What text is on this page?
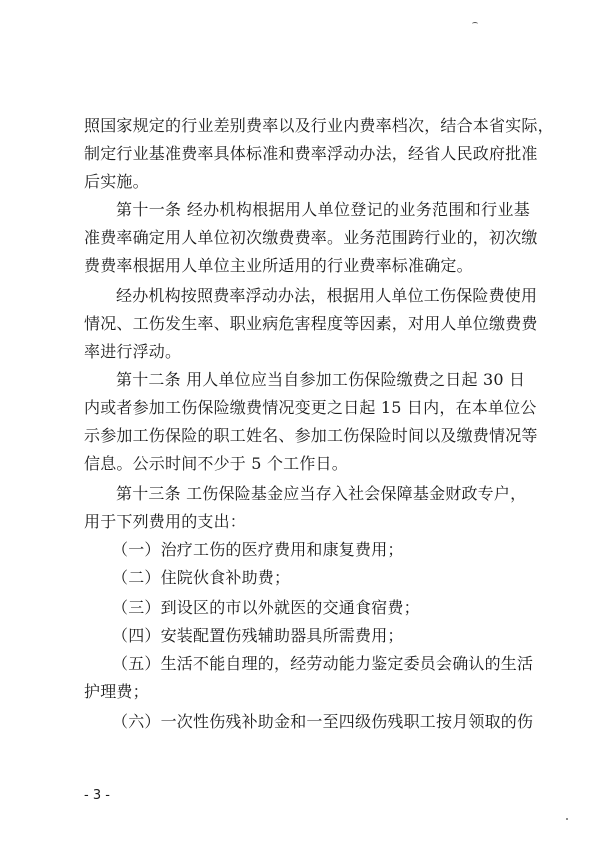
照国家规定的行业差别费率以及行业内费率档次，结合本省实际，
制定行业基准费率具体标准和费率浮动办法，经省人民政府批准
后实施。
第十一条 经办机构根据用人单位登记的业务范围和行业基
准费率确定用人单位初次缴费费率。业务范围跨行业的，初次缴
费费率根据用人单位主业所适用的行业费率标准确定。
经办机构按照费率浮动办法，根据用人单位工伤保险费使用
情况、工伤发生率、职业病危害程度等因素，对用人单位缴费费
率进行浮动。
第十二条 用人单位应当自参加工伤保险缴费之日起 30 日
内或者参加工伤保险缴费情况变更之日起 15 日内，在本单位公
示参加工伤保险的职工姓名、参加工伤保险时间以及缴费情况等
信息。公示时间不少于 5 个工作日。
第十三条 工伤保险基金应当存入社会保障基金财政专户，
用于下列费用的支出：
（一）治疗工伤的医疗费用和康复费用；
（二）住院伙食补助费；
（三）到设区的市以外就医的交通食宿费；
（四）安装配置伤残辅助器具所需费用；
（五）生活不能自理的，经劳动能力鉴定委员会确认的生活
护理费；
（六）一次性伤残补助金和一至四级伤残职工按月领取的伤
- 3 -
